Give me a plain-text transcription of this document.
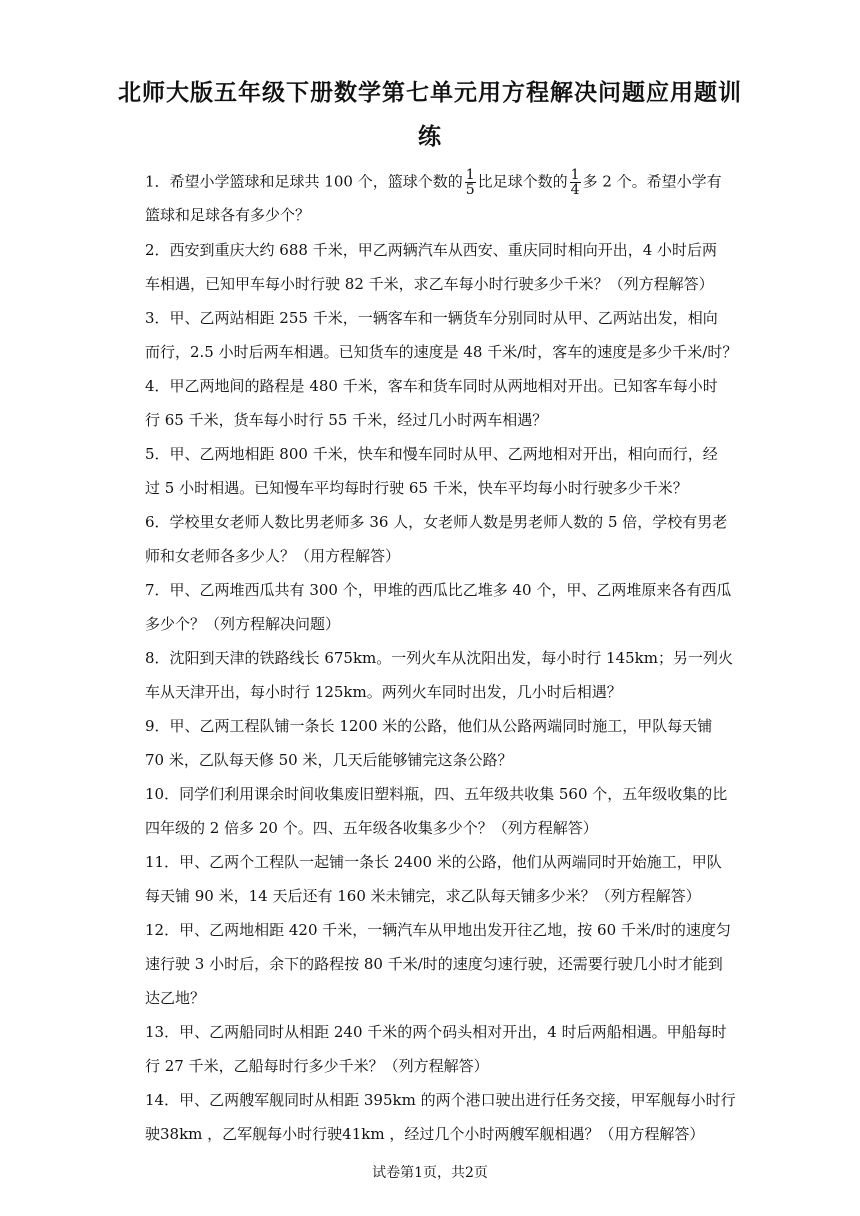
北师大版五年级下册数学第七单元用方程解决问题应用题训
练
1．希望小学篮球和足球共 100 个，篮球个数的 $\frac{1}{5}$ 比足球个数的 $\frac{1}{4}$ 多 2 个。希望小学有
篮球和足球各有多少个？
2．西安到重庆大约 688 千米，甲乙两辆汽车从西安、重庆同时相向开出，4 小时后两
车相遇，已知甲车每小时行驶 82 千米，求乙车每小时行驶多少千米？（列方程解答）
3．甲、乙两站相距 255 千米，一辆客车和一辆货车分别同时从甲、乙两站出发，相向
而行，2.5 小时后两车相遇。已知货车的速度是 48 千米/时，客车的速度是多少千米/时？
4．甲乙两地间的路程是 480 千米，客车和货车同时从两地相对开出。已知客车每小时
行 65 千米，货车每小时行 55 千米，经过几小时两车相遇？
5．甲、乙两地相距 800 千米，快车和慢车同时从甲、乙两地相对开出，相向而行，经
过 5 小时相遇。已知慢车平均每时行驶 65 千米，快车平均每小时行驶多少千米？
6．学校里女老师人数比男老师多 36 人，女老师人数是男老师人数的 5 倍，学校有男老
师和女老师各多少人？（用方程解答）
7．甲、乙两堆西瓜共有 300 个，甲堆的西瓜比乙堆多 40 个，甲、乙两堆原来各有西瓜
多少个？（列方程解决问题）
8．沈阳到天津的铁路线长 675km。一列火车从沈阳出发，每小时行 145km；另一列火
车从天津开出，每小时行 125km。两列火车同时出发，几小时后相遇？
9．甲、乙两工程队铺一条长 1200 米的公路，他们从公路两端同时施工，甲队每天铺
70 米，乙队每天修 50 米，几天后能够铺完这条公路？
10．同学们利用课余时间收集废旧塑料瓶，四、五年级共收集 560 个，五年级收集的比
四年级的 2 倍多 20 个。四、五年级各收集多少个？（列方程解答）
11．甲、乙两个工程队一起铺一条长 2400 米的公路，他们从两端同时开始施工，甲队
每天铺 90 米，14 天后还有 160 米未铺完，求乙队每天铺多少米？（列方程解答）
12．甲、乙两地相距 420 千米，一辆汽车从甲地出发开往乙地，按 60 千米/时的速度匀
速行驶 3 小时后，余下的路程按 80 千米/时的速度匀速行驶，还需要行驶几小时才能到
达乙地？
13．甲、乙两船同时从相距 240 千米的两个码头相对开出，4 时后两船相遇。甲船每时
行 27 千米，乙船每时行多少千米？（列方程解答）
14．甲、乙两艘军舰同时从相距 395km 的两个港口驶出进行任务交接，甲军舰每小时行
驶38km ，乙军舰每小时行驶41km ，经过几个小时两艘军舰相遇？（用方程解答）
试卷第1页，共2页
